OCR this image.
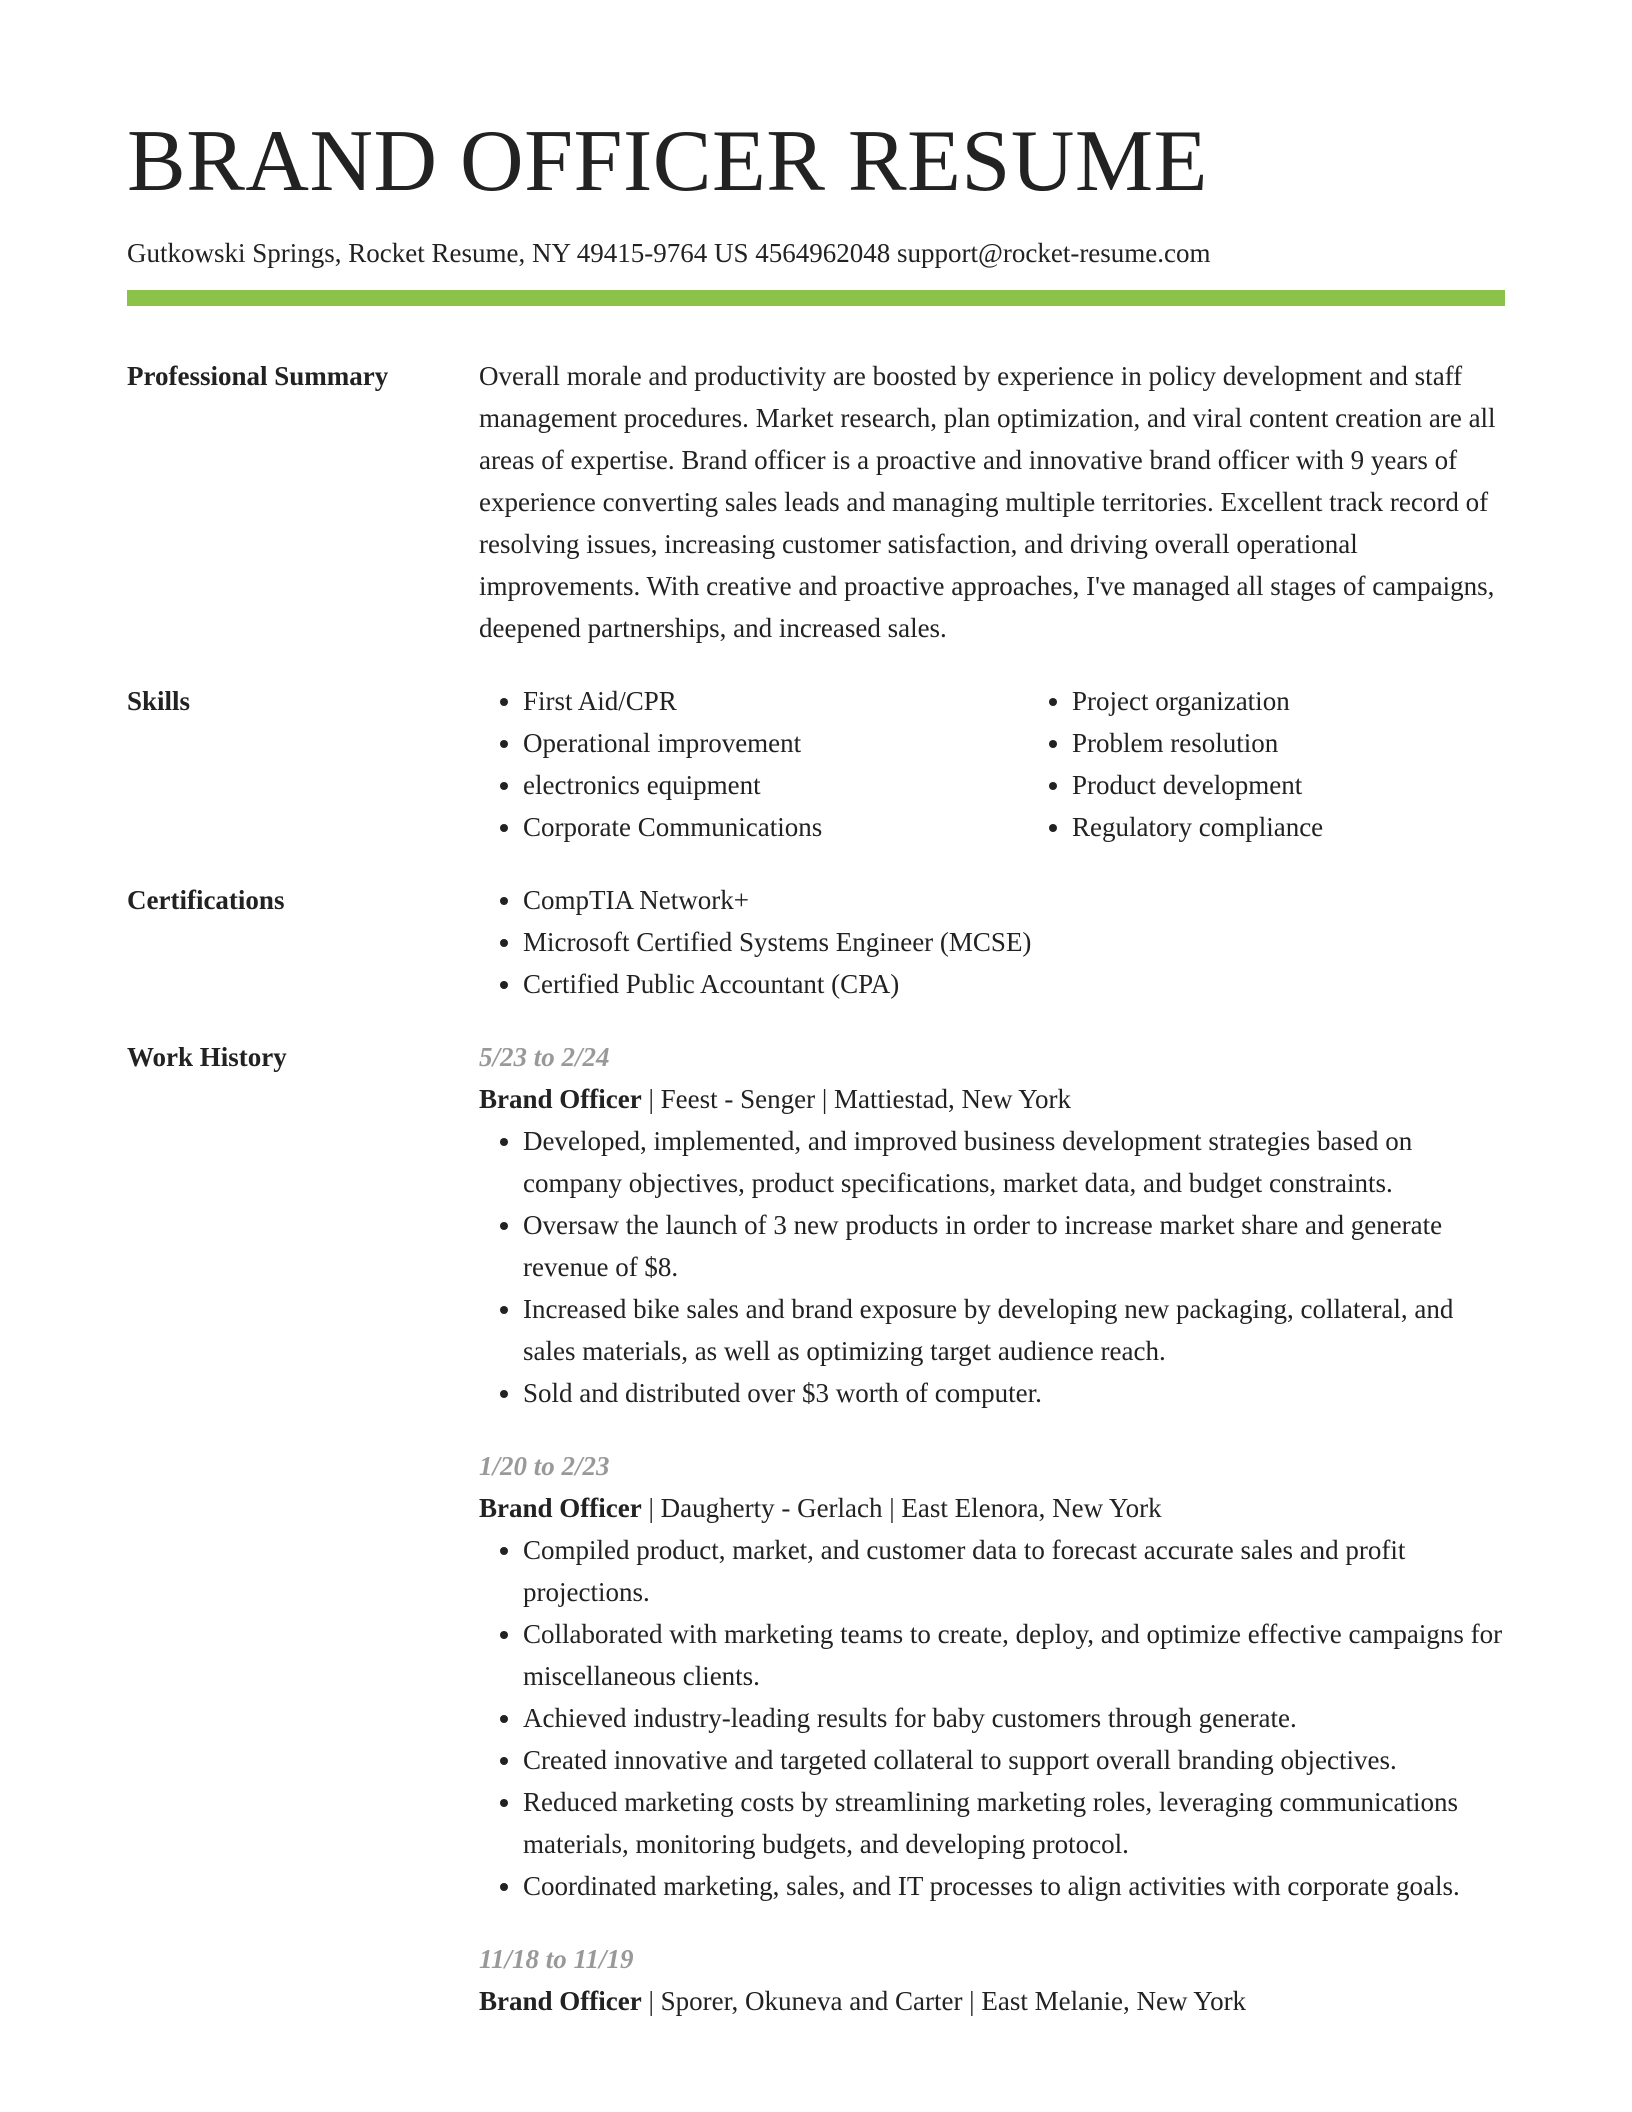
BRAND OFFICER RESUME
Gutkowski Springs, Rocket Resume, NY 49415-9764 US 4564962048 support@rocket-resume.com
Professional Summary	Overall morale and productivity are boosted by experience in policy development and staff management procedures. Market research, plan optimization, and viral content creation are all areas of expertise. Brand officer is a proactive and innovative brand officer with 9 years of experience converting sales leads and managing multiple territories. Excellent track record of resolving issues, increasing customer satisfaction, and driving overall operational improvements. With creative and proactive approaches, I've managed all stages of campaigns, deepened partnerships, and increased sales.

Skills	• First Aid/CPR
• Operational improvement
• electronics equipment
• Corporate Communications
• Project organization
• Problem resolution
• Product development
• Regulatory compliance
Certifications	• CompTIA Network+
• Microsoft Certified Systems Engineer (MCSE)
• Certified Public Accountant (CPA)
Work History	5/23 to 2/24
Brand Officer | Feest - Senger | Mattiestad, New York
• Developed, implemented, and improved business development strategies based on company objectives, product specifications, market data, and budget constraints.
• Oversaw the launch of 3 new products in order to increase market share and generate revenue of $8.
• Increased bike sales and brand exposure by developing new packaging, collateral, and sales materials, as well as optimizing target audience reach.
• Sold and distributed over $3 worth of computer.
1/20 to 2/23
Brand Officer | Daugherty - Gerlach | East Elenora, New York
• Compiled product, market, and customer data to forecast accurate sales and profit projections.
• Collaborated with marketing teams to create, deploy, and optimize effective campaigns for miscellaneous clients.
• Achieved industry-leading results for baby customers through generate.
• Created innovative and targeted collateral to support overall branding objectives.
• Reduced marketing costs by streamlining marketing roles, leveraging communications materials, monitoring budgets, and developing protocol.
• Coordinated marketing, sales, and IT processes to align activities with corporate goals.
11/18 to 11/19
Brand Officer | Sporer, Okuneva and Carter | East Melanie, New York
